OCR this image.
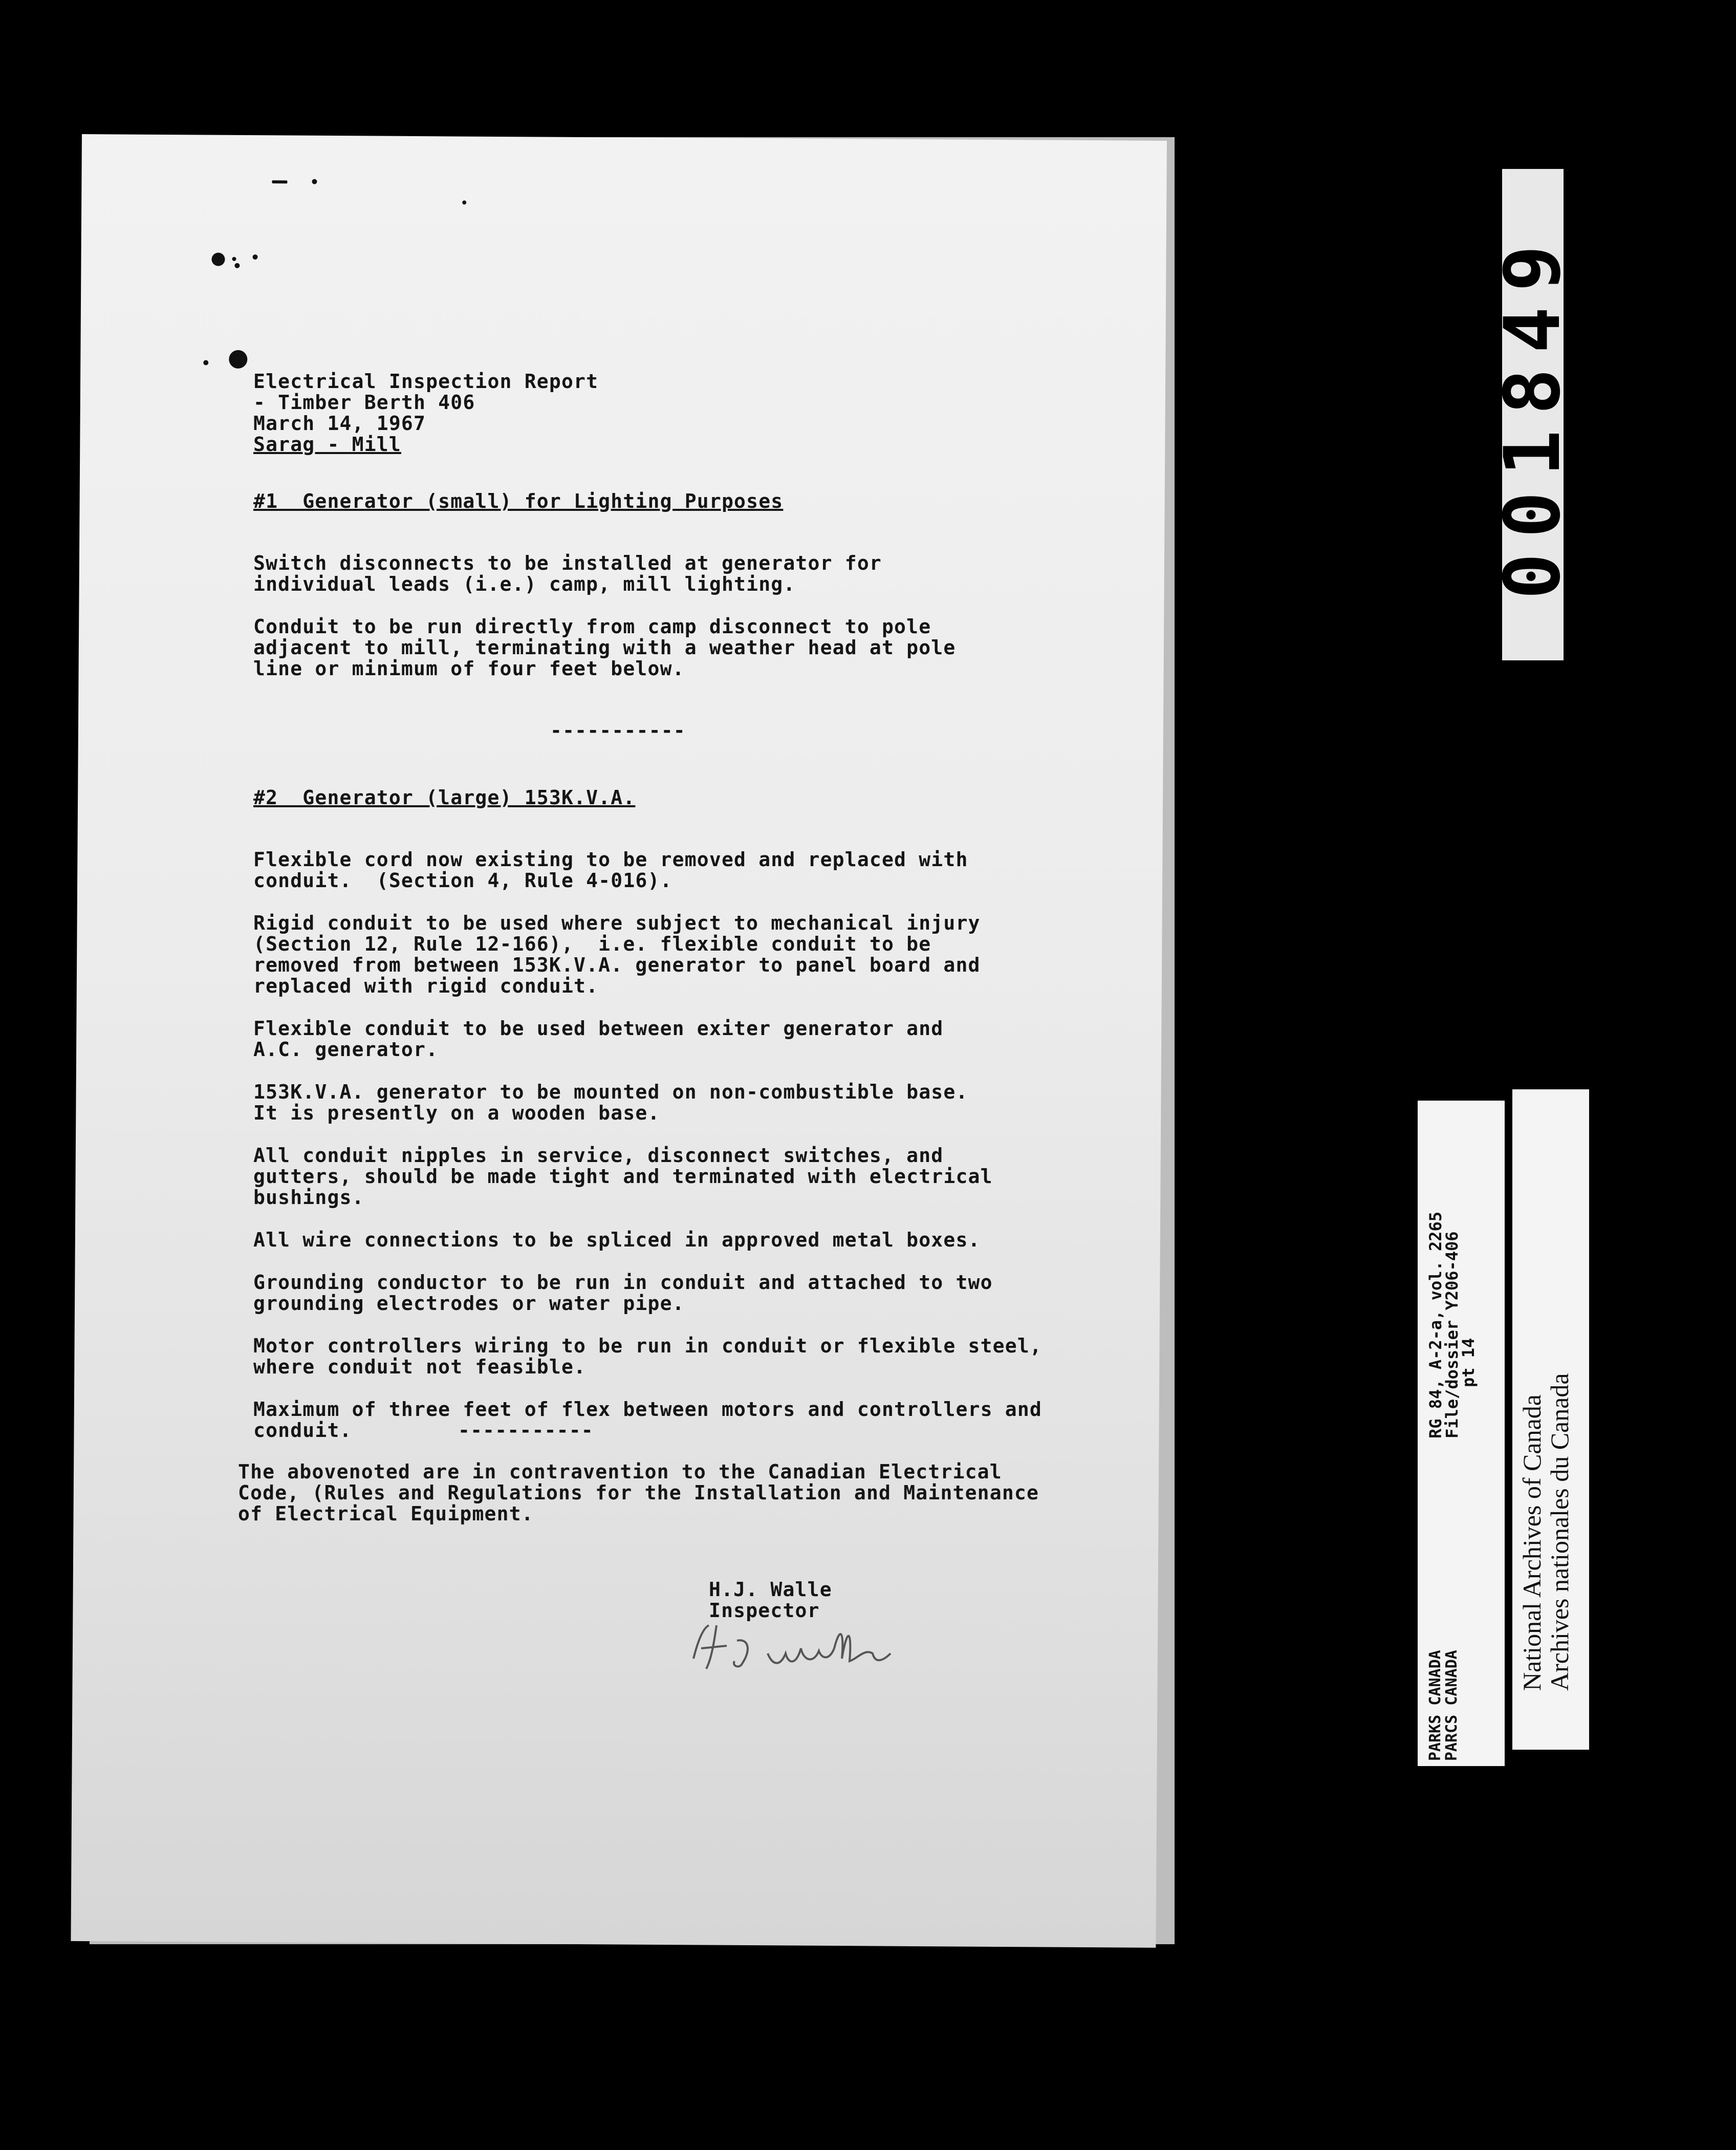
Electrical Inspection Report
- Timber Berth 406
March 14, 1967
Sarag - Mill
#1  Generator (small) for Lighting Purposes
Switch disconnects to be installed at generator for
individual leads (i.e.) camp, mill lighting.
Conduit to be run directly from camp disconnect to pole
adjacent to mill, terminating with a weather head at pole
line or minimum of four feet below.
-----------
#2  Generator (large) 153K.V.A.
Flexible cord now existing to be removed and replaced with
conduit.  (Section 4, Rule 4-016).
Rigid conduit to be used where subject to mechanical injury
(Section 12, Rule 12-166),  i.e. flexible conduit to be
removed from between 153K.V.A. generator to panel board and
replaced with rigid conduit.
Flexible conduit to be used between exiter generator and
A.C. generator.
153K.V.A. generator to be mounted on non-combustible base.
It is presently on a wooden base.
All conduit nipples in service, disconnect switches, and
gutters, should be made tight and terminated with electrical
bushings.
All wire connections to be spliced in approved metal boxes.
Grounding conductor to be run in conduit and attached to two
grounding electrodes or water pipe.
Motor controllers wiring to be run in conduit or flexible steel,
where conduit not feasible.
Maximum of three feet of flex between motors and controllers and
conduit.	-----------
The abovenoted are in contravention to the Canadian Electrical
Code, (Rules and Regulations for the Installation and Maintenance
of Electrical Equipment.
H.J. Walle
Inspector
001849
RG 84, A-2-a, vol. 2265
File/dossier Y206-406
pt 14
PARKS CANADA
PARCS CANADA
National Archives of Canada
Archives nationales du Canada
